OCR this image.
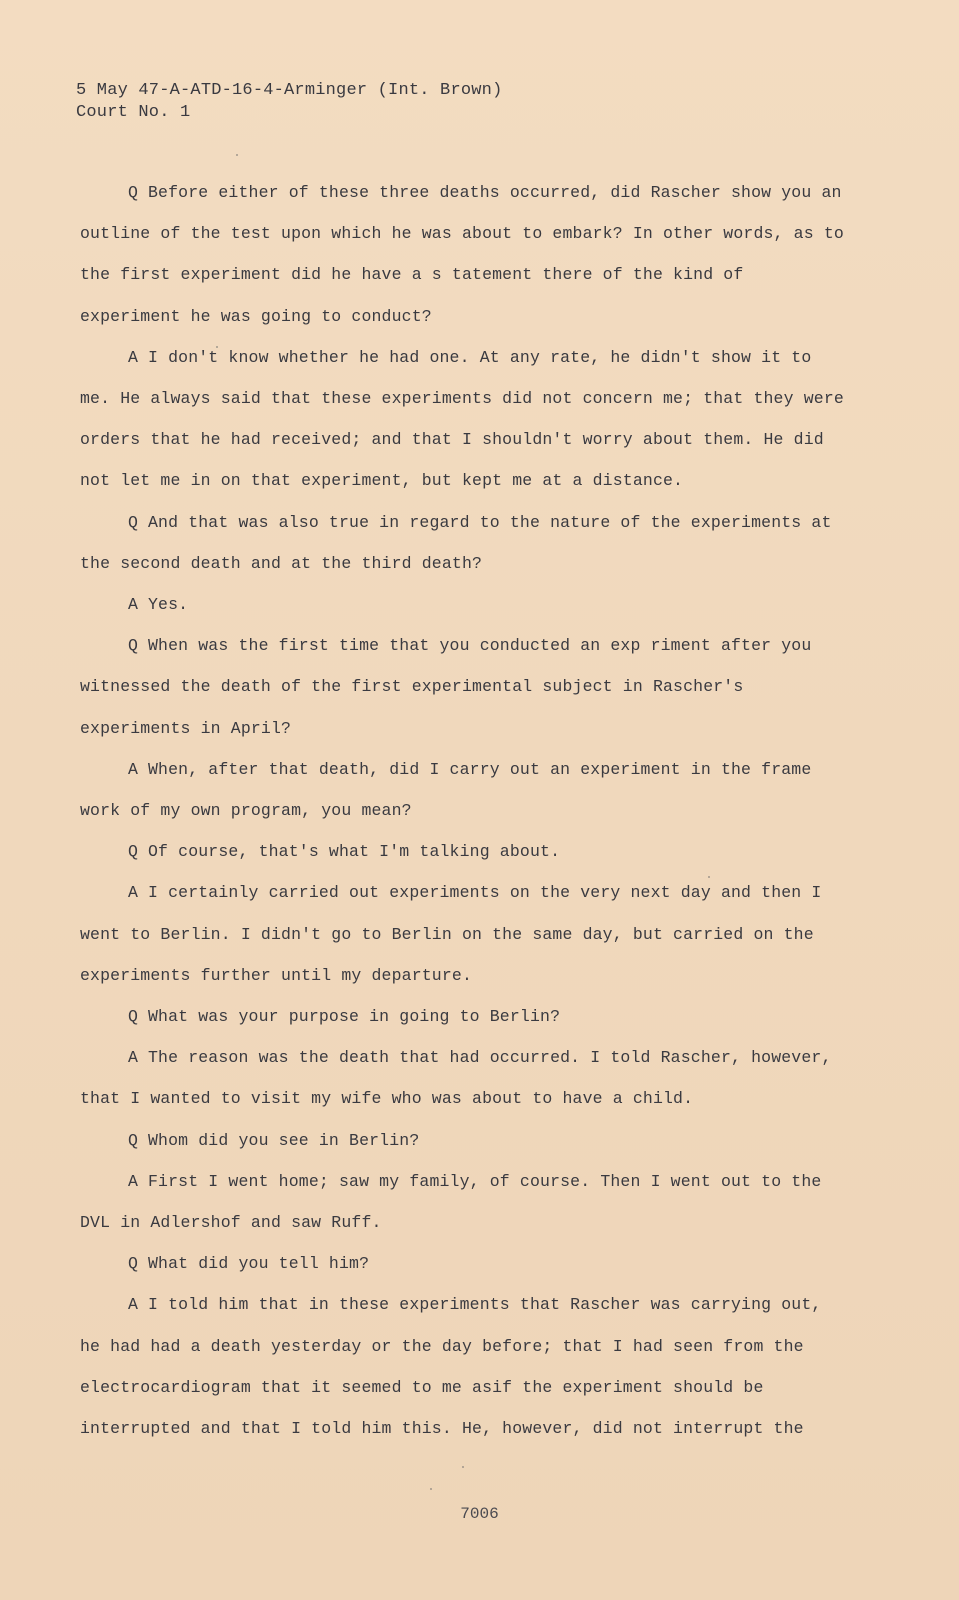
5 May 47-A-ATD-16-4-Arminger (Int. Brown)
Court No. 1

Q Before either of these three deaths occurred, did Rascher show you an outline of the test upon which he was about to embark? In other words, as to the first experiment did he have a s tatement there of the kind of experiment he was going to conduct?

A I don't know whether he had one. At any rate, he didn't show it to me. He always said that these experiments did not concern me; that they were orders that he had received; and that I shouldn't worry about them. He did not let me in on that experiment, but kept me at a distance.

Q And that was also true in regard to the nature of the experiments at the second death and at the third death?

A Yes.

Q When was the first time that you conducted an exp riment after you witnessed the death of the first experimental subject in Rascher's experiments in April?

A When, after that death, did I carry out an experiment in the frame work of my own program, you mean?

Q Of course, that's what I'm talking about.

A I certainly carried out experiments on the very next day and then I went to Berlin. I didn't go to Berlin on the same day, but carried on the experiments further until my departure.

Q What was your purpose in going to Berlin?

A The reason was the death that had occurred. I told Rascher, however, that I wanted to visit my wife who was about to have a child.

Q Whom did you see in Berlin?

A First I went home; saw my family, of course. Then I went out to the DVL in Adlershof and saw Ruff.

Q What did you tell him?

A I told him that in these experiments that Rascher was carrying out, he had had a death yesterday or the day before; that I had seen from the electrocardiogram that it seemed to me asif the experiment should be interrupted and that I told him this. He, however, did not interrupt the

7006
